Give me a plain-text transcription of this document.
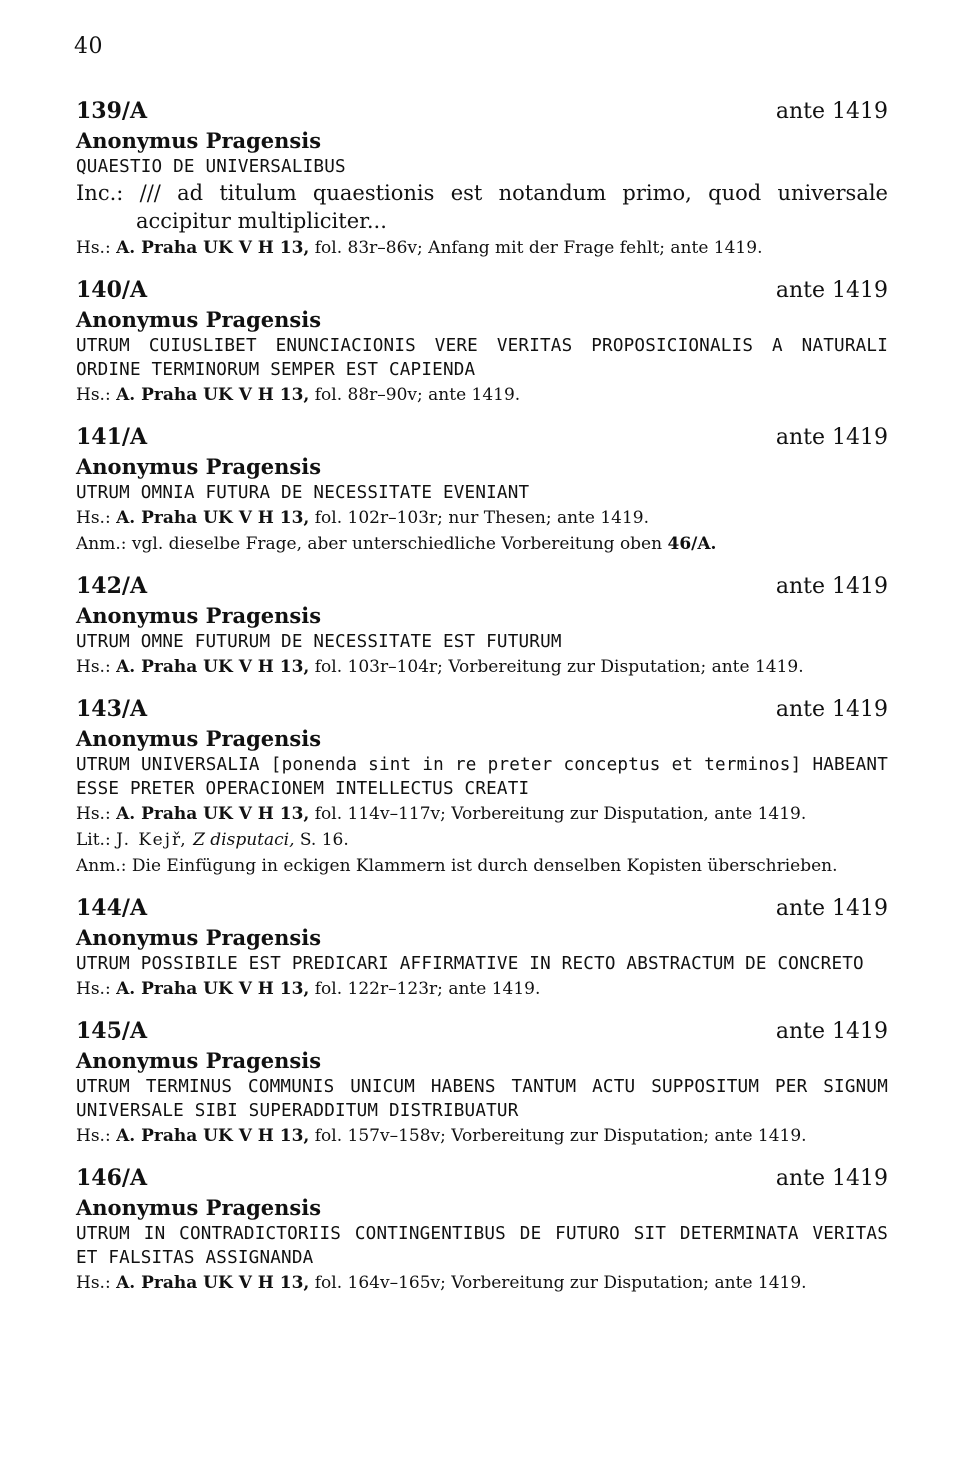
40
139/A	ante 1419
Anonymus Pragensis
QUAESTIO DE UNIVERSALIBUS
Inc.: /// ad titulum quaestionis est notandum primo, quod universale accipitur multipliciter...
Hs.: A. Praha UK V H 13, fol. 83r–86v; Anfang mit der Frage fehlt; ante 1419.
140/A	ante 1419
Anonymus Pragensis
UTRUM CUIUSLIBET ENUNCIACIONIS VERE VERITAS PROPOSICIONALIS A NATURALI ORDINE TERMINORUM SEMPER EST CAPIENDA
Hs.: A. Praha UK V H 13, fol. 88r–90v; ante 1419.
141/A	ante 1419
Anonymus Pragensis
UTRUM OMNIA FUTURA DE NECESSITATE EVENIANT
Hs.: A. Praha UK V H 13, fol. 102r–103r; nur Thesen; ante 1419.
Anm.: vgl. dieselbe Frage, aber unterschiedliche Vorbereitung oben 46/A.
142/A	ante 1419
Anonymus Pragensis
UTRUM OMNE FUTURUM DE NECESSITATE EST FUTURUM
Hs.: A. Praha UK V H 13, fol. 103r–104r; Vorbereitung zur Disputation; ante 1419.
143/A	ante 1419
Anonymus Pragensis
UTRUM UNIVERSALIA [ponenda sint in re preter conceptus et terminos] HABEANT ESSE PRETER OPERACIONEM INTELLECTUS CREATI
Hs.: A. Praha UK V H 13, fol. 114v–117v; Vorbereitung zur Disputation, ante 1419.
Lit.: J. Kejř, Z disputaci, S. 16.
Anm.: Die Einfügung in eckigen Klammern ist durch denselben Kopisten überschrieben.
144/A	ante 1419
Anonymus Pragensis
UTRUM POSSIBILE EST PREDICARI AFFIRMATIVE IN RECTO ABSTRACTUM DE CONCRETO
Hs.: A. Praha UK V H 13, fol. 122r–123r; ante 1419.
145/A	ante 1419
Anonymus Pragensis
UTRUM TERMINUS COMMUNIS UNICUM HABENS TANTUM ACTU SUPPOSITUM PER SIGNUM UNIVERSALE SIBI SUPERADDITUM DISTRIBUATUR
Hs.: A. Praha UK V H 13, fol. 157v–158v; Vorbereitung zur Disputation; ante 1419.
146/A	ante 1419
Anonymus Pragensis
UTRUM IN CONTRADICTORIIS CONTINGENTIBUS DE FUTURO SIT DETERMINATA VERITAS ET FALSITAS ASSIGNANDA
Hs.: A. Praha UK V H 13, fol. 164v–165v; Vorbereitung zur Disputation; ante 1419.
